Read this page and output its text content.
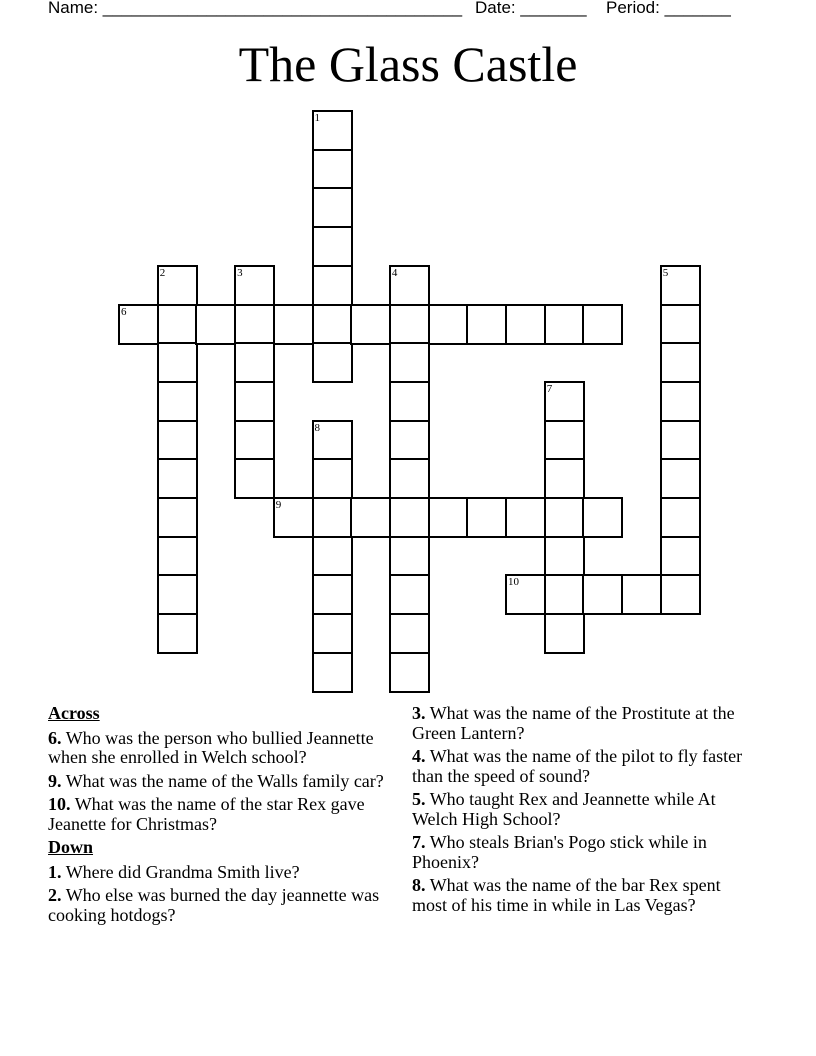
Name: ______________________________________

Date: _______

Period: _______

The Glass Castle
1
2	3	4	5
6
7
8
9
10
Across
6. Who was the person who bullied Jeannette when she enrolled in Welch school?
9. What was the name of the Walls family car?
10. What was the name of the star Rex gave Jeanette for Christmas?
Down
1. Where did Grandma Smith live?
2. Who else was burned the day jeannette was cooking hotdogs?
3. What was the name of the Prostitute at the Green Lantern?
4. What was the name of the pilot to fly faster than the speed of sound?
5. Who taught Rex and Jeannette while At Welch High School?
7. Who steals Brian's Pogo stick while in Phoenix?
8. What was the name of the bar Rex spent most of his time in while in Las Vegas?
